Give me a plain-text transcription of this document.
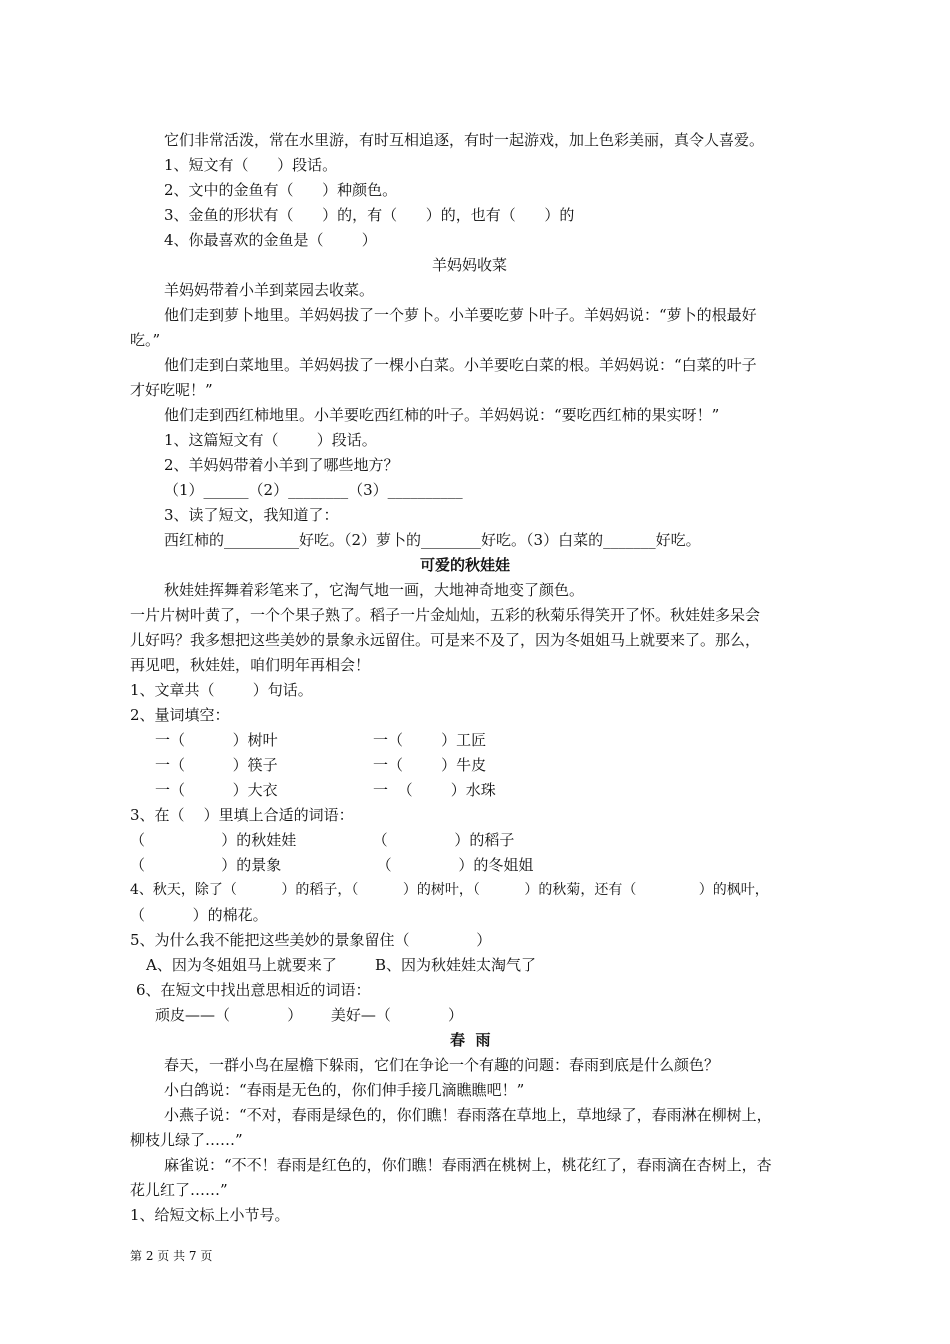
它们非常活泼，常在水里游，有时互相追逐，有时一起游戏，加上色彩美丽，真令人喜爱。
1、短文有（      ）段话。
2、文中的金鱼有（      ）种颜色。
3、金鱼的形状有（      ）的，有（      ）的，也有（      ）的
4、你最喜欢的金鱼是（        ）
羊妈妈收菜
羊妈妈带着小羊到菜园去收菜。
他们走到萝卜地里。羊妈妈拔了一个萝卜。小羊要吃萝卜叶子。羊妈妈说：“萝卜的根最好
吃。”
他们走到白菜地里。羊妈妈拔了一棵小白菜。小羊要吃白菜的根。羊妈妈说：“白菜的叶子
才好吃呢！”
他们走到西红柿地里。小羊要吃西红柿的叶子。羊妈妈说：“要吃西红柿的果实呀！”
1、这篇短文有（        ）段话。
2、羊妈妈带着小羊到了哪些地方？
（1）______（2）________（3）__________
3、读了短文，我知道了：
西红柿的__________好吃。（2）萝卜的________好吃。（3）白菜的_______好吃。
可爱的秋娃娃
秋娃娃挥舞着彩笔来了，它淘气地一画，大地神奇地变了颜色。
一片片树叶黄了，一个个果子熟了。稻子一片金灿灿，五彩的秋菊乐得笑开了怀。秋娃娃多呆会
儿好吗？我多想把这些美妙的景象永远留住。可是来不及了，因为冬姐姐马上就要来了。那么，
再见吧，秋娃娃，咱们明年再相会！
1、文章共（        ）句话。
2、量词填空：
一（          ）树叶                    一（        ）工匠
一（          ）筷子                    一（        ）牛皮
一（          ）大衣                    一  （        ）水珠
3、在（    ）里填上合适的词语：
（                ）的秋娃娃                （              ）的稻子
（                ）的景象                    （              ）的冬姐姐
4、秋天，除了（          ）的稻子，（          ）的树叶，（          ）的秋菊，还有（              ）的枫叶，
（          ）的棉花。
5、为什么我不能把这些美妙的景象留住（              ）
A、因为冬姐姐马上就要来了        B、因为秋娃娃太淘气了
6、在短文中找出意思相近的词语：
顽皮——（            ）      美好—（            ）
春  雨
春天，一群小鸟在屋檐下躲雨，它们在争论一个有趣的问题：春雨到底是什么颜色？
小白鸽说：“春雨是无色的，你们伸手接几滴瞧瞧吧！”
小燕子说：“不对，春雨是绿色的，你们瞧！春雨落在草地上，草地绿了，春雨淋在柳树上，
柳枝儿绿了……”
麻雀说：“不不！春雨是红色的，你们瞧！春雨洒在桃树上，桃花红了，春雨滴在杏树上，杏
花儿红了……”
1、给短文标上小节号。
第 2 页 共 7 页
